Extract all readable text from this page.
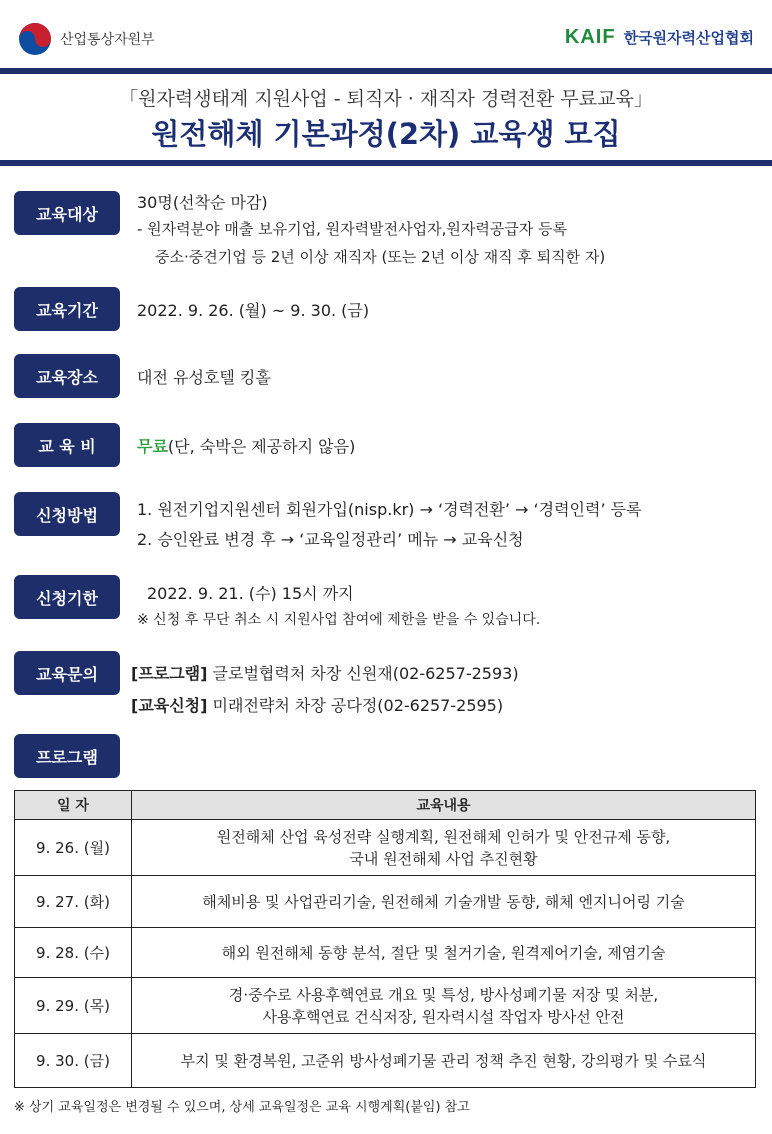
산업통상자원부	KAIF 한국원자력산업협회
「원자력생태계 지원사업 - 퇴직자 · 재직자 경력전환 무료교육」
원전해체 기본과정(2차) 교육생 모집
교육대상
30명(선착순 마감)
- 원자력분야 매출 보유기업, 원자력발전사업자,원자력공급자 등록
중소·중견기업 등 2년 이상 재직자 (또는 2년 이상 재직 후 퇴직한 자)
교육기간	2022. 9. 26. (월) ~ 9. 30. (금)
교육장소	대전 유성호텔 킹홀
교 육 비	무료(단, 숙박은 제공하지 않음)
신청방법	1. 원전기업지원센터 회원가입(nisp.kr) → ‘경력전환’ → ‘경력인력’ 등록
2. 승인완료 변경 후 → ‘교육일정관리’ 메뉴 → 교육신청
신청기한	2022. 9. 21. (수) 15시 까지
※ 신청 후 무단 취소 시 지원사업 참여에 제한을 받을 수 있습니다.
교육문의	[프로그램] 글로벌협력처 차장 신원재(02-6257-2593)
[교육신청] 미래전략처 차장 공다정(02-6257-2595)
프로그램
일 자	교육내용
9. 26. (월)	원전해체 산업 육성전략 실행계획, 원전해체 인허가 및 안전규제 동향,
국내 원전해체 사업 추진현황

9. 27. (화)	해체비용 및 사업관리기술, 원전해체 기술개발 동향, 해체 엔지니어링 기술

9. 28. (수)	해외 원전해체 동향 분석, 절단 및 철거기술, 원격제어기술, 제염기술

9. 29. (목)	경·중수로 사용후핵연료 개요 및 특성, 방사성폐기물 저장 및 처분,
사용후핵연료 건식저장, 원자력시설 작업자 방사선 안전

9. 30. (금)	부지 및 환경복원, 고준위 방사성폐기물 관리 정책 추진 현황, 강의평가 및 수료식
※ 상기 교육일정은 변경될 수 있으며, 상세 교육일정은 교육 시행계획(붙임) 참고
